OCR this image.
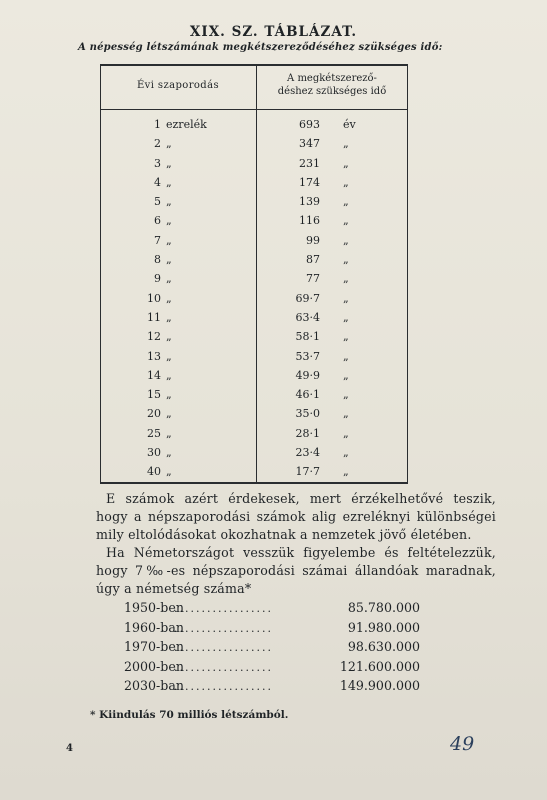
XIX. SZ. TÁBLÁZAT.
A népesség létszámának megkétszereződéséhez szükséges idő:
Évi szaporodás
A megkétszerező-
déshez szükséges idő
1 ezrelék	693 év
2 „	347 „
3 „	231 „
4 „	174 „
5 „	139 „
6 „	116 „
7 „	99 „
8 „	87 „
9 „	77 „
10 „	69·7 „
11 „	63·4 „
12 „	58·1 „
13 „	53·7 „
14 „	49·9 „
15 „	46·1 „
20 „	35·0 „
25 „	28·1 „
30 „	23·4 „
40 „	17·7 „
E számok azért érdekesek, mert érzékelhetővé teszik, hogy a népszaporodási számok alig ezreléknyi különbségei mily eltolódásokat okozhatnak a nemzetek jövő életében.
Ha Németországot vesszük figyelembe és feltételezzük, hogy 7‰-es népszaporodási számai állandóak maradnak, úgy a németség száma*
1950-ben
..................	85.780.000
1960-ban
..................	91.980.000
1970-ben
..................	98.630.000
2000-ben
..................	121.600.000
2030-ban
..................	149.900.000
* Kiindulás 70 milliós létszámból.
4	49
